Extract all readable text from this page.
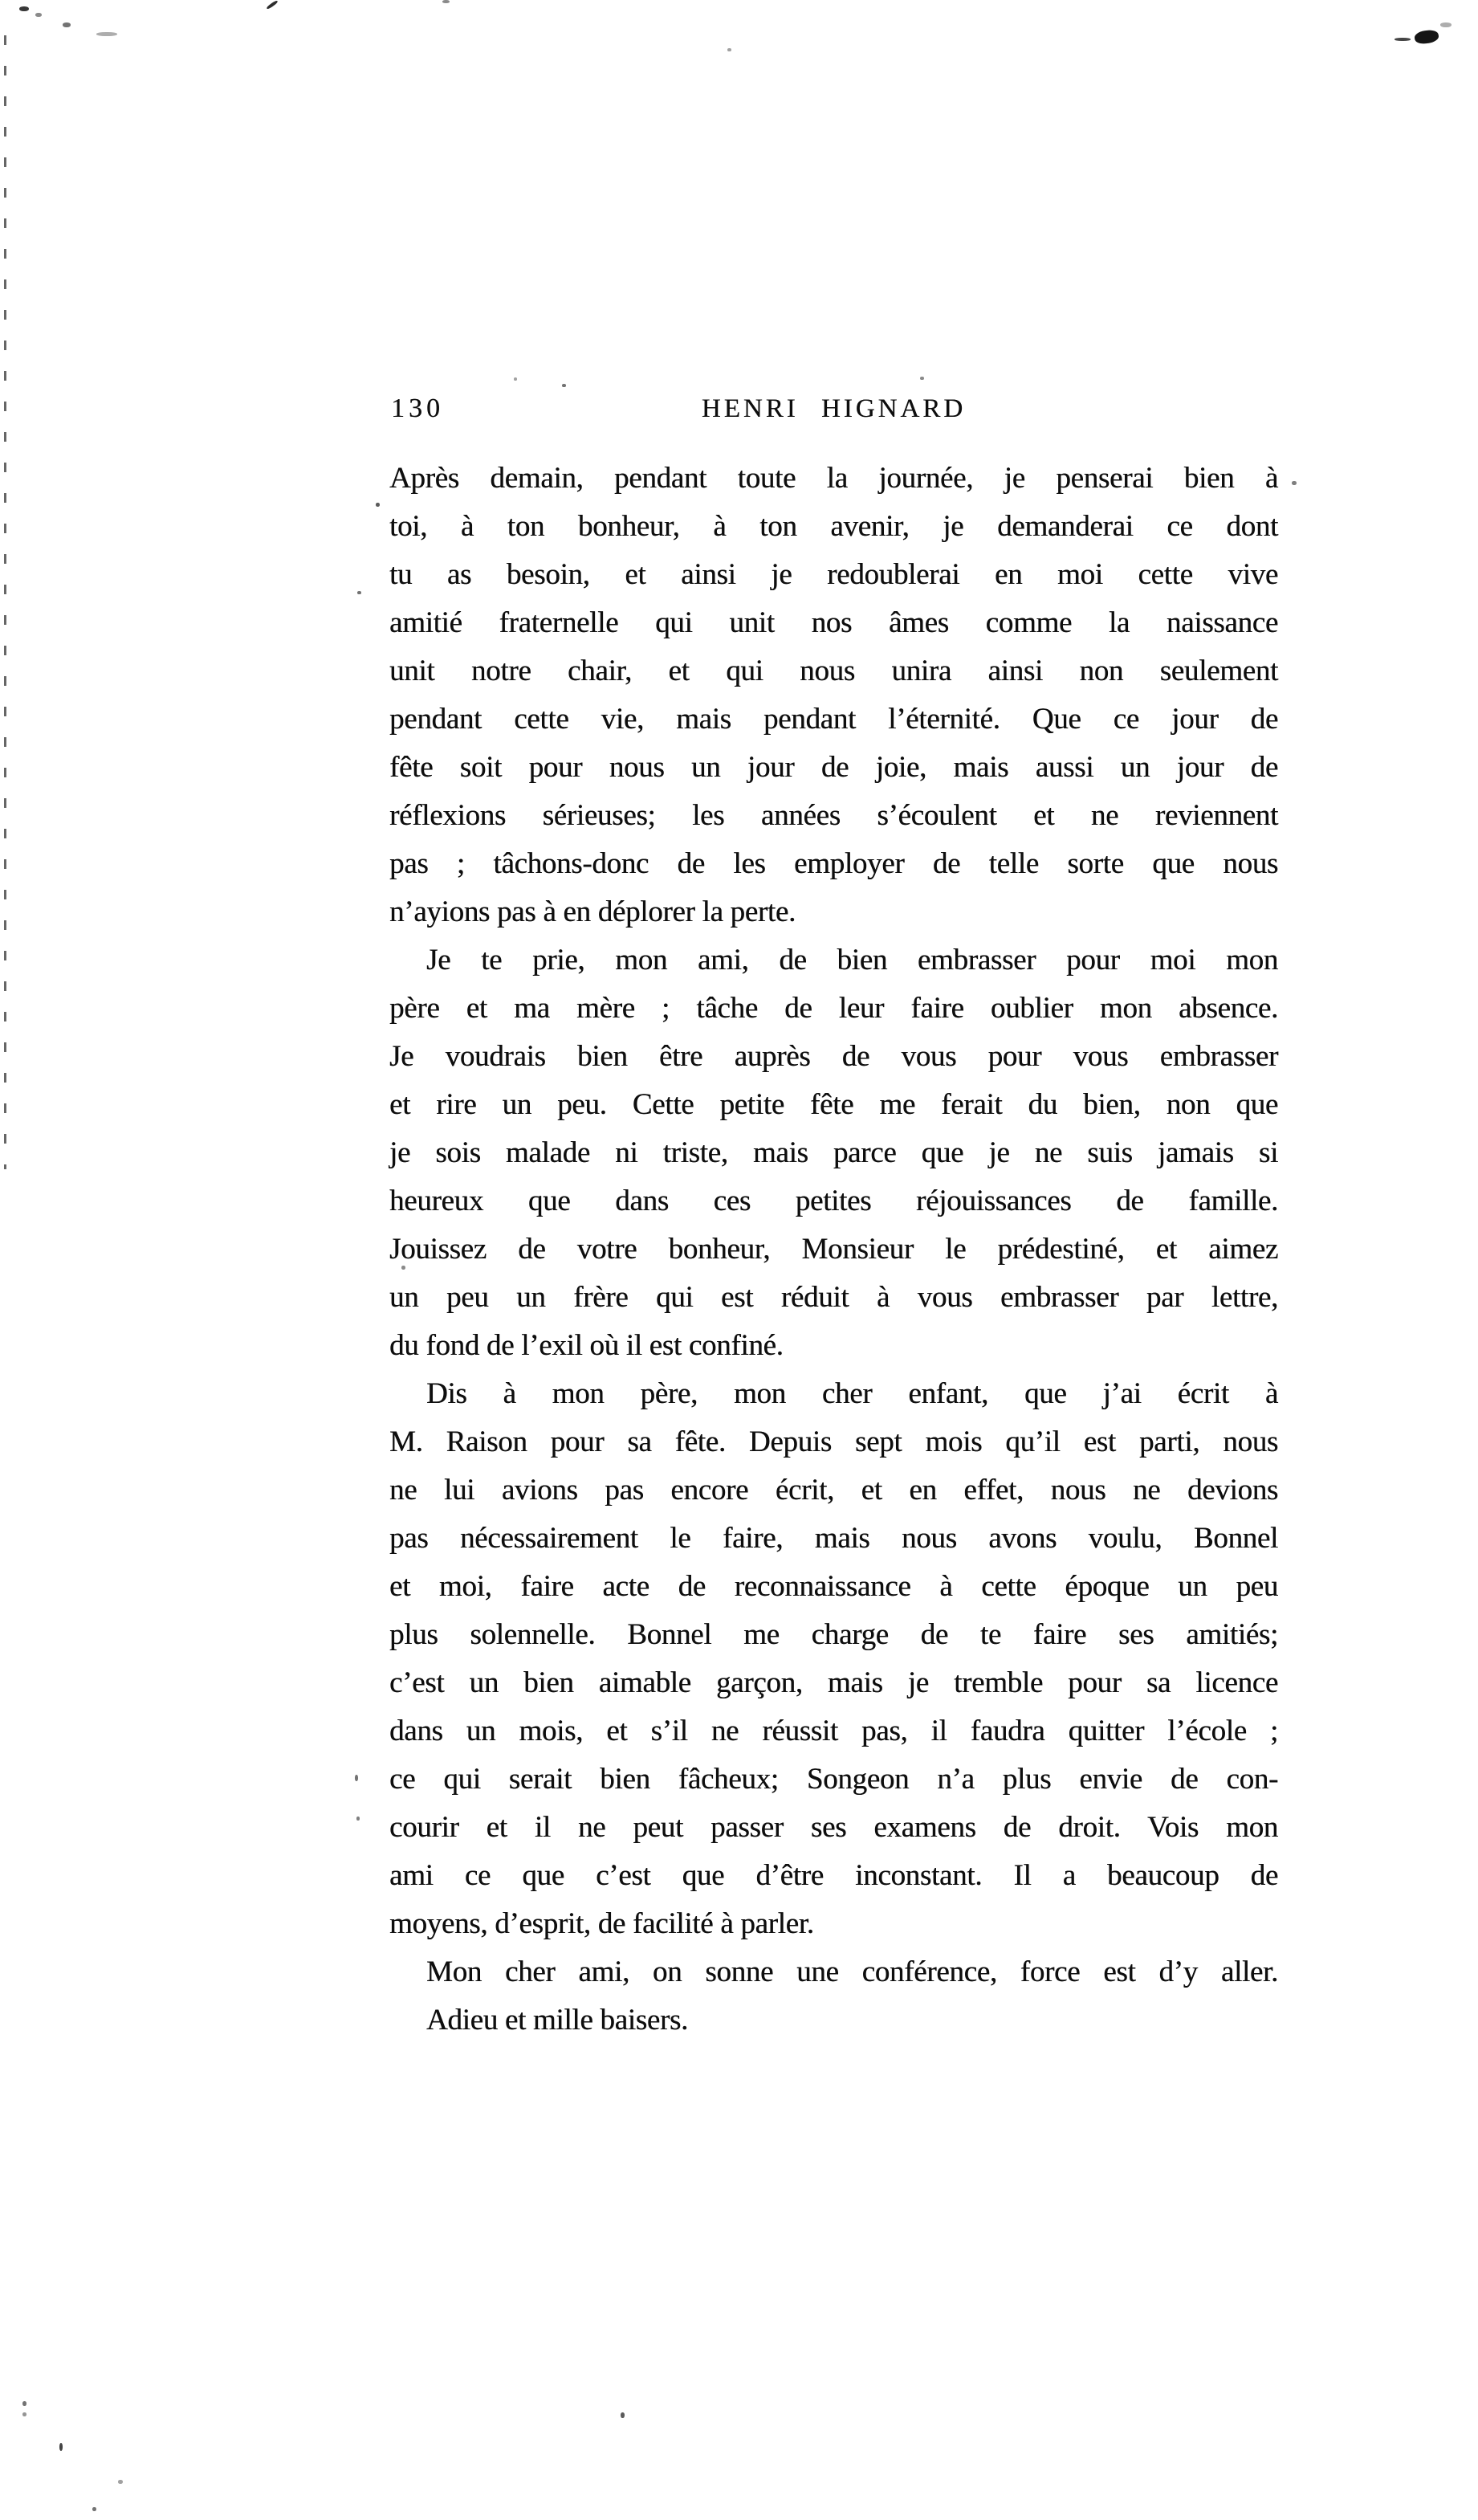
130	HENRI HIGNARD
Après demain, pendant toute la journée, je penserai bien à
toi, à ton bonheur, à ton avenir, je demanderai ce dont
tu as besoin, et ainsi je redoublerai en moi cette vive
amitié fraternelle qui unit nos âmes comme la naissance
unit notre chair, et qui nous unira ainsi non seulement
pendant cette vie, mais pendant l’éternité. Que ce jour de
fête soit pour nous un jour de joie, mais aussi un jour de
réflexions sérieuses; les années s’écoulent et ne reviennent
pas ; tâchons-donc de les employer de telle sorte que nous
n’ayions pas à en déplorer la perte.
Je te prie, mon ami, de bien embrasser pour moi mon
père et ma mère ; tâche de leur faire oublier mon absence.
Je voudrais bien être auprès de vous pour vous embrasser
et rire un peu. Cette petite fête me ferait du bien, non que
je sois malade ni triste, mais parce que je ne suis jamais si
heureux que dans ces petites réjouissances de famille.
Jouissez de votre bonheur, Monsieur le prédestiné, et aimez
un peu un frère qui est réduit à vous embrasser par lettre,
du fond de l’exil où il est confiné.
Dis à mon père, mon cher enfant, que j’ai écrit à
M. Raison pour sa fête. Depuis sept mois qu’il est parti, nous
ne lui avions pas encore écrit, et en effet, nous ne devions
pas nécessairement le faire, mais nous avons voulu, Bonnel
et moi, faire acte de reconnaissance à cette époque un peu
plus solennelle. Bonnel me charge de te faire ses amitiés;
c’est un bien aimable garçon, mais je tremble pour sa licence
dans un mois, et s’il ne réussit pas, il faudra quitter l’école ;
ce qui serait bien fâcheux; Songeon n’a plus envie de con-
courir et il ne peut passer ses examens de droit. Vois mon
ami ce que c’est que d’être inconstant. Il a beaucoup de
moyens, d’esprit, de facilité à parler.
Mon cher ami, on sonne une conférence, force est d’y aller.
Adieu et mille baisers.
